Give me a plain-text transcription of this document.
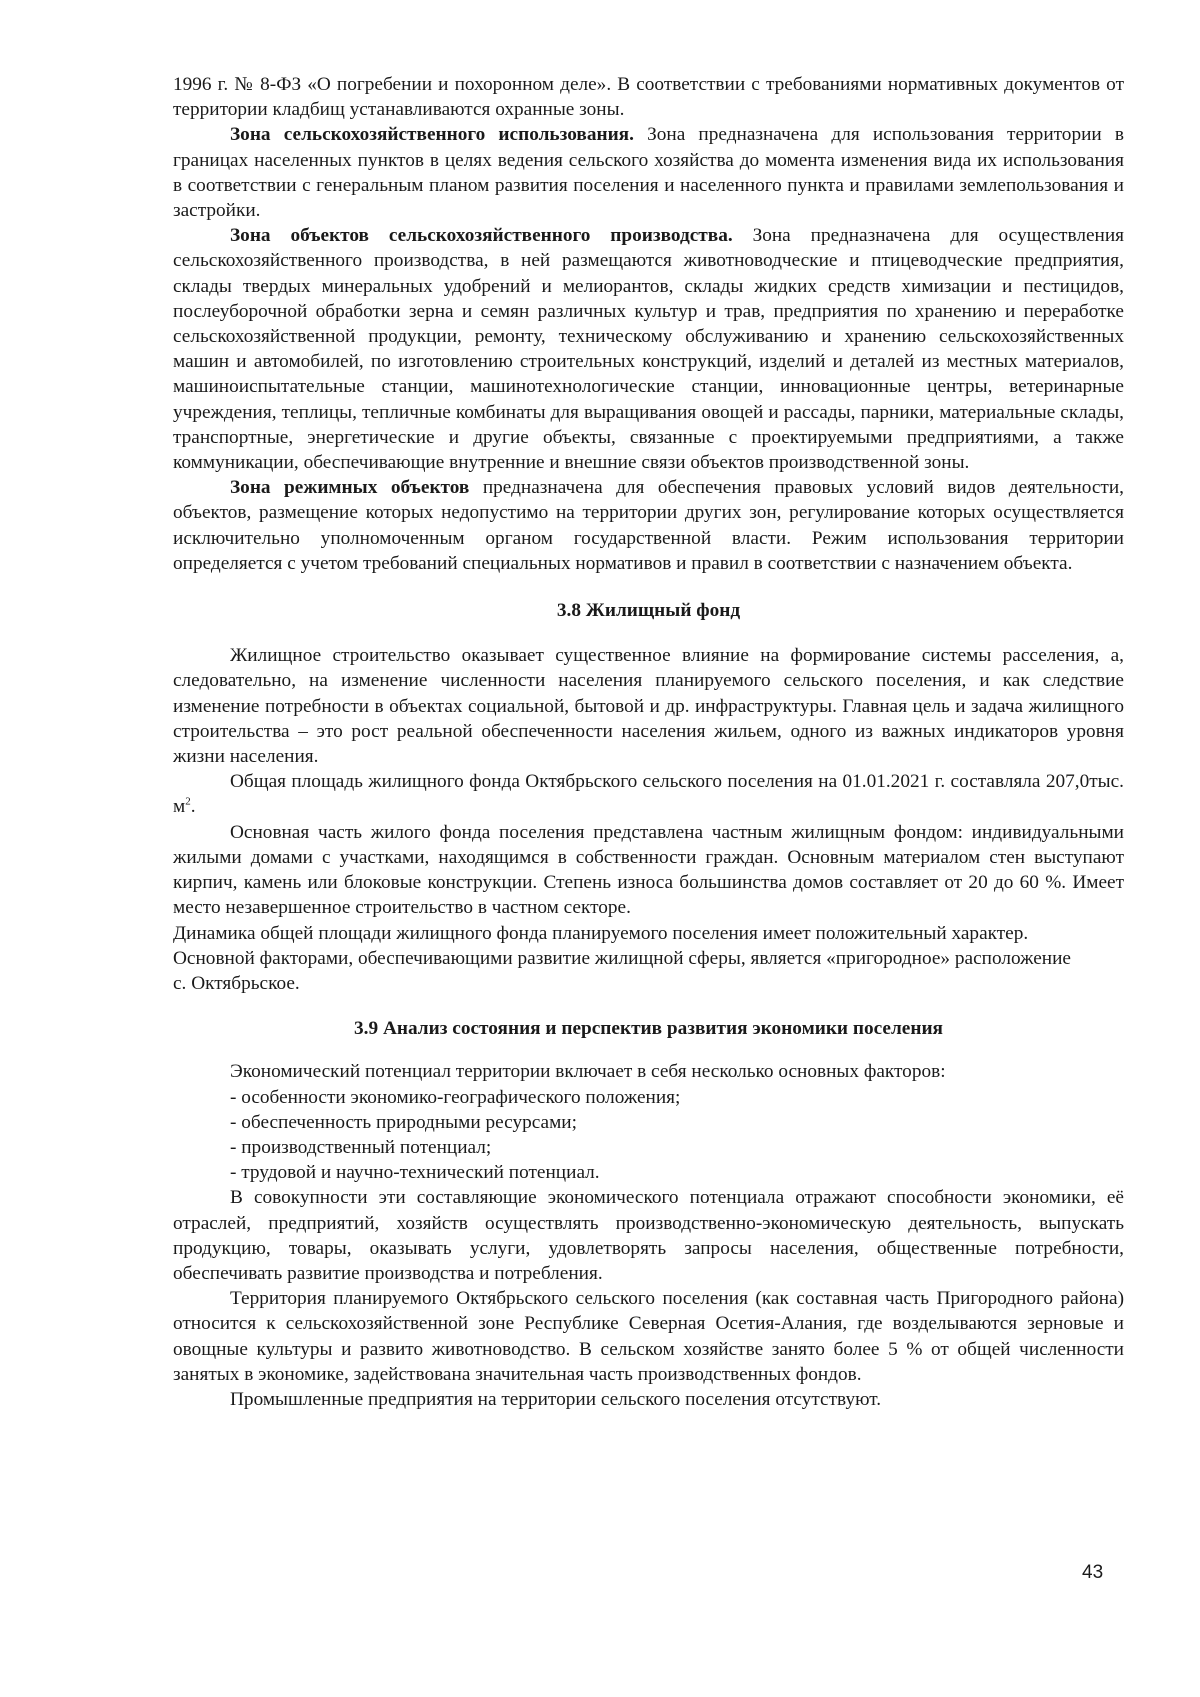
1996 г. № 8-ФЗ «О погребении и похоронном деле». В соответствии с требованиями нормативных документов от территории кладбищ устанавливаются охранные зоны.

Зона сельскохозяйственного использования. Зона предназначена для использования территории в границах населенных пунктов в целях ведения сельского хозяйства до момента изменения вида их использования в соответствии с генеральным планом развития поселения и населенного пункта и правилами землепользования и застройки.

Зона объектов сельскохозяйственного производства. Зона предназначена для осуществления сельскохозяйственного производства, в ней размещаются животноводческие и птицеводческие предприятия, склады твердых минеральных удобрений и мелиорантов, склады жидких средств химизации и пестицидов, послеуборочной обработки зерна и семян различных культур и трав, предприятия по хранению и переработке сельскохозяйственной продукции, ремонту, техническому обслуживанию и хранению сельскохозяйственных машин и автомобилей, по изготовлению строительных конструкций, изделий и деталей из местных материалов, машиноиспытательные станции, машинотехнологические станции, инновационные центры, ветеринарные учреждения, теплицы, тепличные комбинаты для выращивания овощей и рассады, парники, материальные склады, транспортные, энергетические и другие объекты, связанные с проектируемыми предприятиями, а также коммуникации, обеспечивающие внутренние и внешние связи объектов производственной зоны.

Зона режимных объектов предназначена для обеспечения правовых условий видов деятельности, объектов, размещение которых недопустимо на территории других зон, регулирование которых осуществляется исключительно уполномоченным органом государственной власти. Режим использования территории определяется с учетом требований специальных нормативов и правил в соответствии с назначением объекта.

3.8 Жилищный фонд

Жилищное строительство оказывает существенное влияние на формирование системы расселения, а, следовательно, на изменение численности населения планируемого сельского поселения, и как следствие изменение потребности в объектах социальной, бытовой и др. инфраструктуры. Главная цель и задача жилищного строительства – это рост реальной обеспеченности населения жильем, одного из важных индикаторов уровня жизни населения.

Общая площадь жилищного фонда Октябрьского сельского поселения на 01.01.2021 г. составляла 207,0тыс. $м^2$.

Основная часть жилого фонда поселения представлена частным жилищным фондом: индивидуальными жилыми домами с участками, находящимся в собственности граждан. Основным материалом стен выступают кирпич, камень или блоковые конструкции. Степень износа большинства домов составляет от 20 до 60 %. Имеет место незавершенное строительство в частном секторе.

Динамика общей площади жилищного фонда планируемого поселения имеет положительный характер. Основной факторами, обеспечивающими развитие жилищной сферы, является «пригородное» расположение с. Октябрьское.

3.9 Анализ состояния и перспектив развития экономики поселения

Экономический потенциал территории включает в себя несколько основных факторов:

- особенности экономико-географического положения;
- обеспеченность природными ресурсами;
- производственный потенциал;
- трудовой и научно-технический потенциал.

В совокупности эти составляющие экономического потенциала отражают способности экономики, её отраслей, предприятий, хозяйств осуществлять производственно-экономическую деятельность, выпускать продукцию, товары, оказывать услуги, удовлетворять запросы населения, общественные потребности, обеспечивать развитие производства и потребления.

Территория планируемого Октябрьского сельского поселения (как составная часть Пригородного района) относится к сельскохозяйственной зоне Республике Северная Осетия-Алания, где возделываются зерновые и овощные культуры и развито животноводство. В сельском хозяйстве занято более 5 % от общей численности занятых в экономике, задействована значительная часть производственных фондов.

Промышленные предприятия на территории сельского поселения отсутствуют.

43
